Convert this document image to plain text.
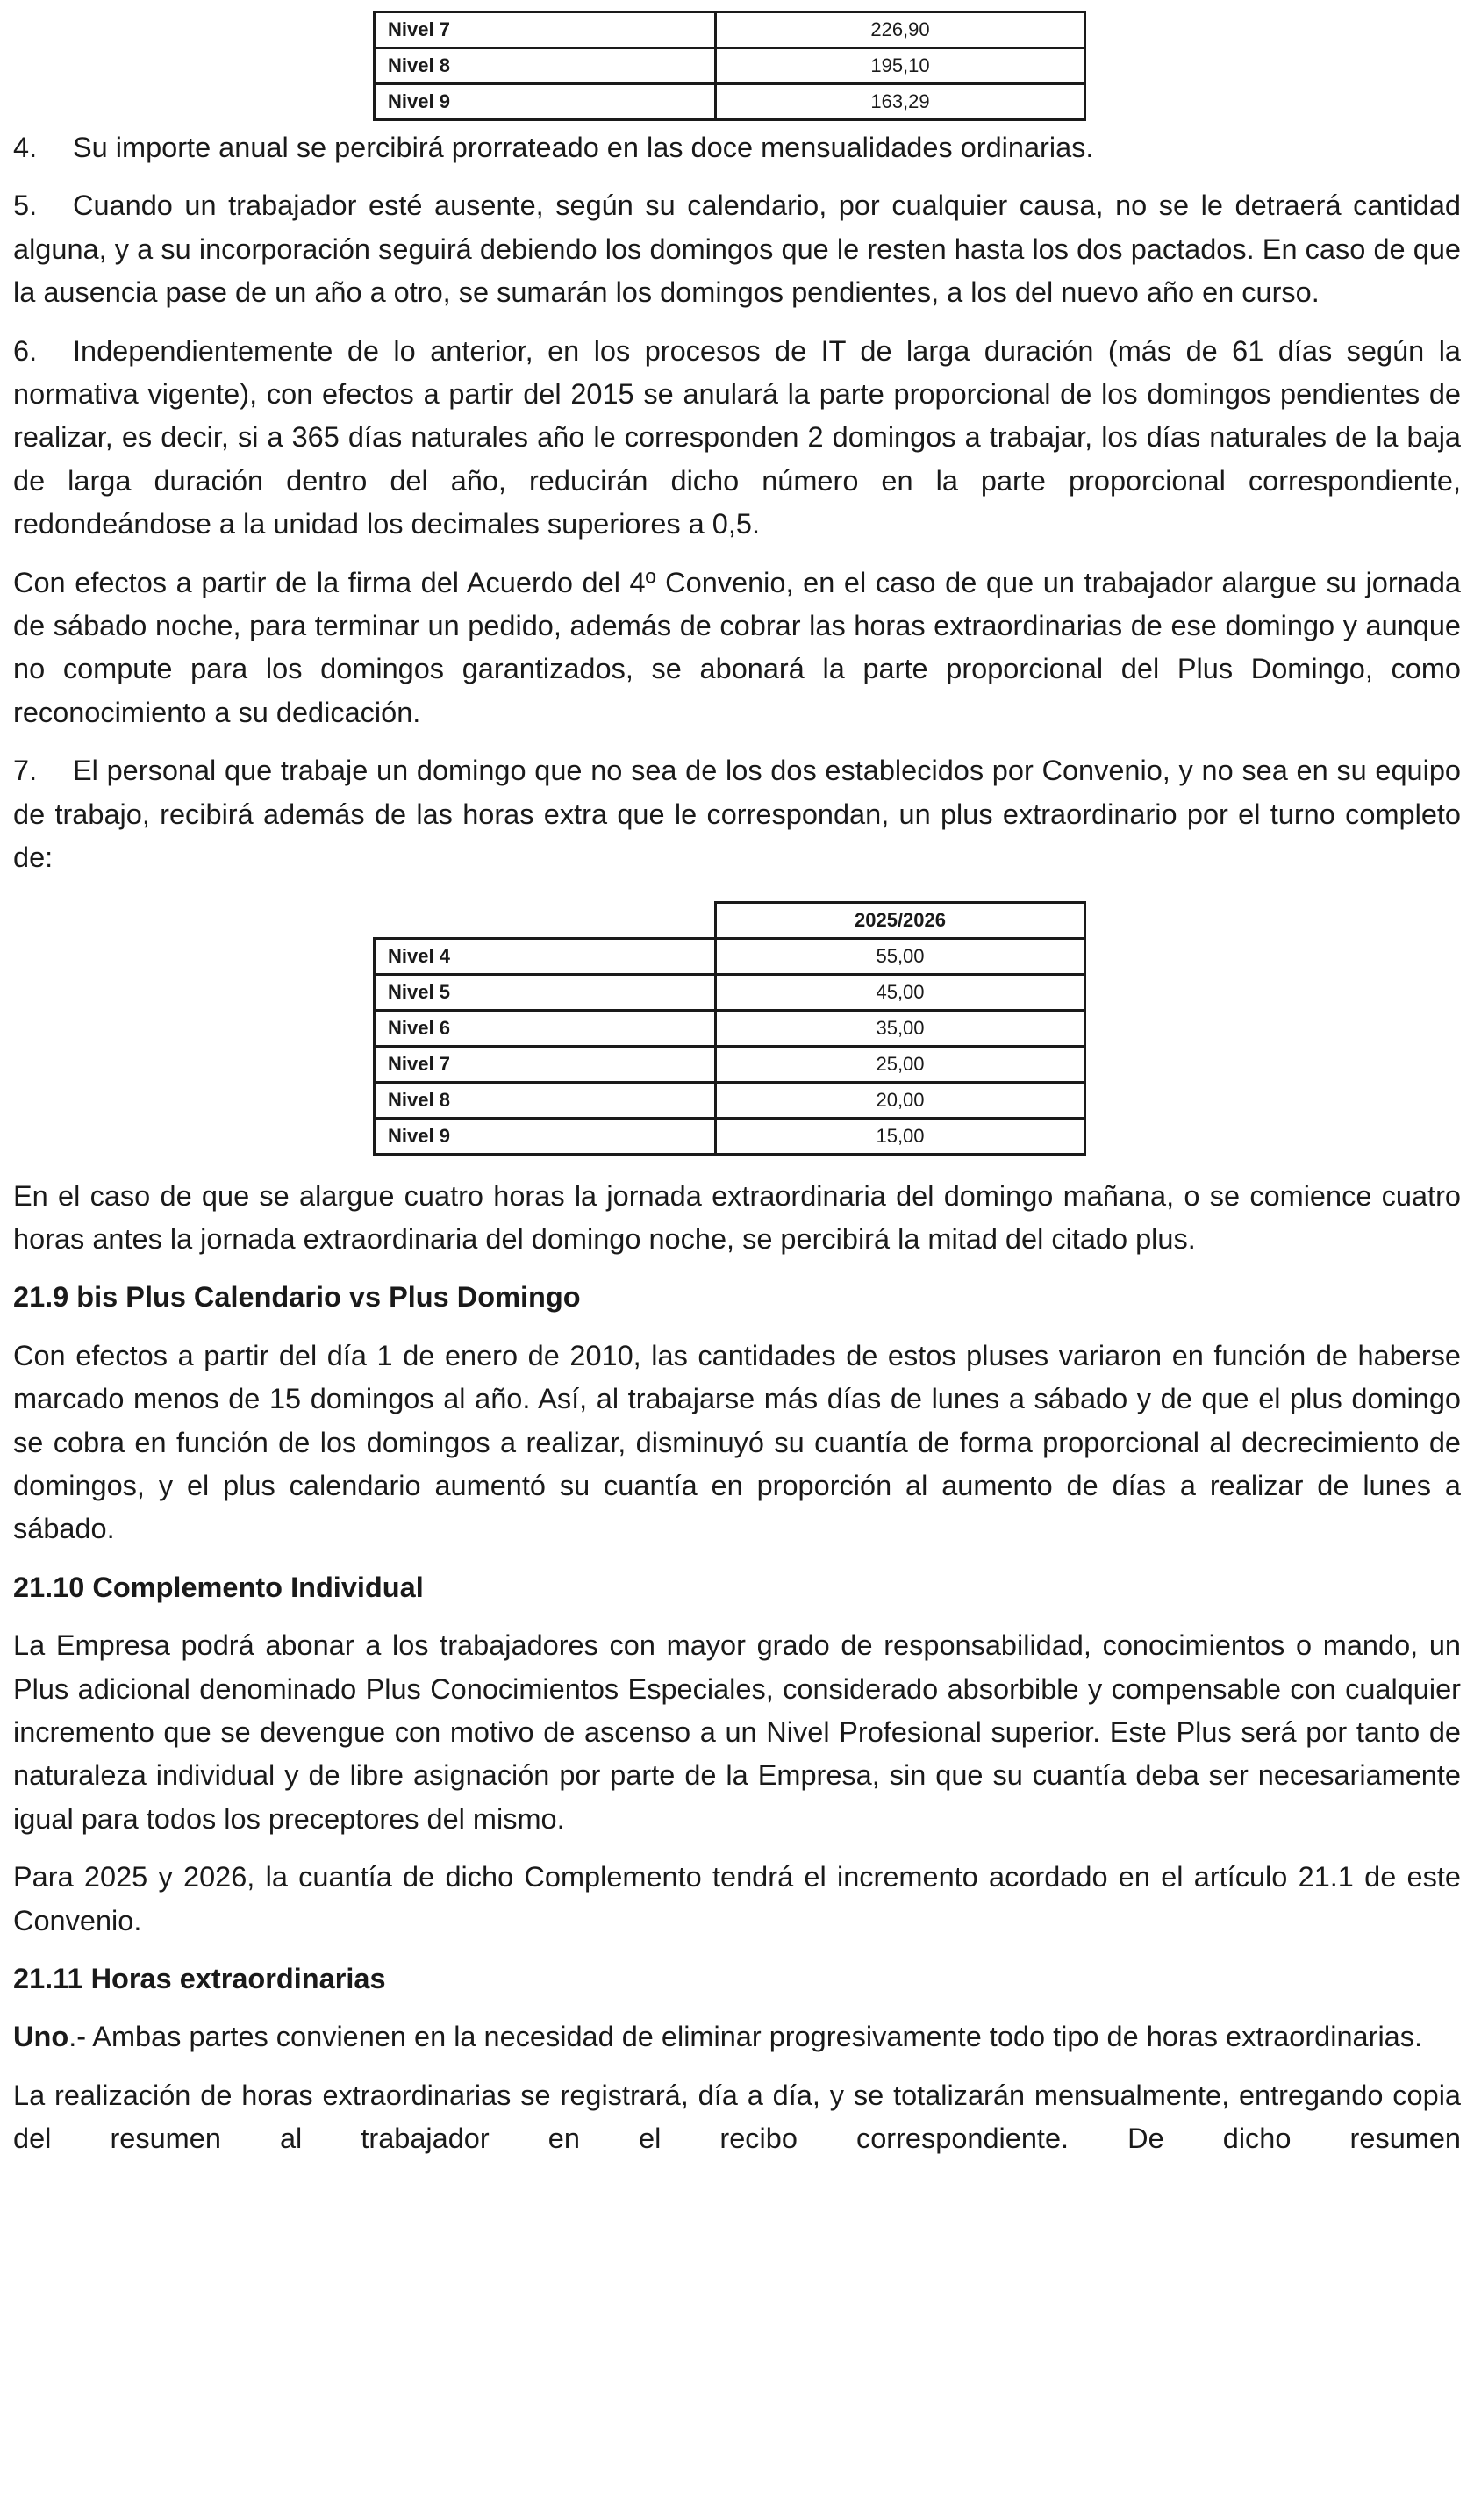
Nivel 7	226,90
Nivel 8	195,10
Nivel 9	163,29

4. Su importe anual se percibirá prorrateado en las doce mensualidades ordinarias.

5. Cuando un trabajador esté ausente, según su calendario, por cualquier causa, no se le detraerá cantidad alguna, y a su incorporación seguirá debiendo los domingos que le resten hasta los dos pactados. En caso de que la ausencia pase de un año a otro, se sumarán los domingos pendientes, a los del nuevo año en curso.

6. Independientemente de lo anterior, en los procesos de IT de larga duración (más de 61 días según la normativa vigente), con efectos a partir del 2015 se anulará la parte proporcional de los domingos pendientes de realizar, es decir, si a 365 días naturales año le corresponden 2 domingos a trabajar, los días naturales de la baja de larga duración dentro del año, reducirán dicho número en la parte proporcional correspondiente, redondeándose a la unidad los decimales superiores a 0,5.

Con efectos a partir de la firma del Acuerdo del 4º Convenio, en el caso de que un trabajador alargue su jornada de sábado noche, para terminar un pedido, además de cobrar las horas extraordinarias de ese domingo y aunque no compute para los domingos garantizados, se abonará la parte proporcional del Plus Domingo, como reconocimiento a su dedicación.

7. El personal que trabaje un domingo que no sea de los dos establecidos por Convenio, y no sea en su equipo de trabajo, recibirá además de las horas extra que le correspondan, un plus extraordinario por el turno completo de:

	2025/2026
Nivel 4	55,00
Nivel 5	45,00
Nivel 6	35,00
Nivel 7	25,00
Nivel 8	20,00
Nivel 9	15,00

En el caso de que se alargue cuatro horas la jornada extraordinaria del domingo mañana, o se comience cuatro horas antes la jornada extraordinaria del domingo noche, se percibirá la mitad del citado plus.

21.9 bis Plus Calendario vs Plus Domingo

Con efectos a partir del día 1 de enero de 2010, las cantidades de estos pluses variaron en función de haberse marcado menos de 15 domingos al año. Así, al trabajarse más días de lunes a sábado y de que el plus domingo se cobra en función de los domingos a realizar, disminuyó su cuantía de forma proporcional al decrecimiento de domingos, y el plus calendario aumentó su cuantía en proporción al aumento de días a realizar de lunes a sábado.

21.10 Complemento Individual

La Empresa podrá abonar a los trabajadores con mayor grado de responsabilidad, conocimientos o mando, un Plus adicional denominado Plus Conocimientos Especiales, considerado absorbible y compensable con cualquier incremento que se devengue con motivo de ascenso a un Nivel Profesional superior. Este Plus será por tanto de naturaleza individual y de libre asignación por parte de la Empresa, sin que su cuantía deba ser necesariamente igual para todos los preceptores del mismo.

Para 2025 y 2026, la cuantía de dicho Complemento tendrá el incremento acordado en el artículo 21.1 de este Convenio.

21.11 Horas extraordinarias

Uno.- Ambas partes convienen en la necesidad de eliminar progresivamente todo tipo de horas extraordinarias.

La realización de horas extraordinarias se registrará, día a día, y se totalizarán mensualmente, entregando copia del resumen al trabajador en el recibo correspondiente. De dicho resumen
